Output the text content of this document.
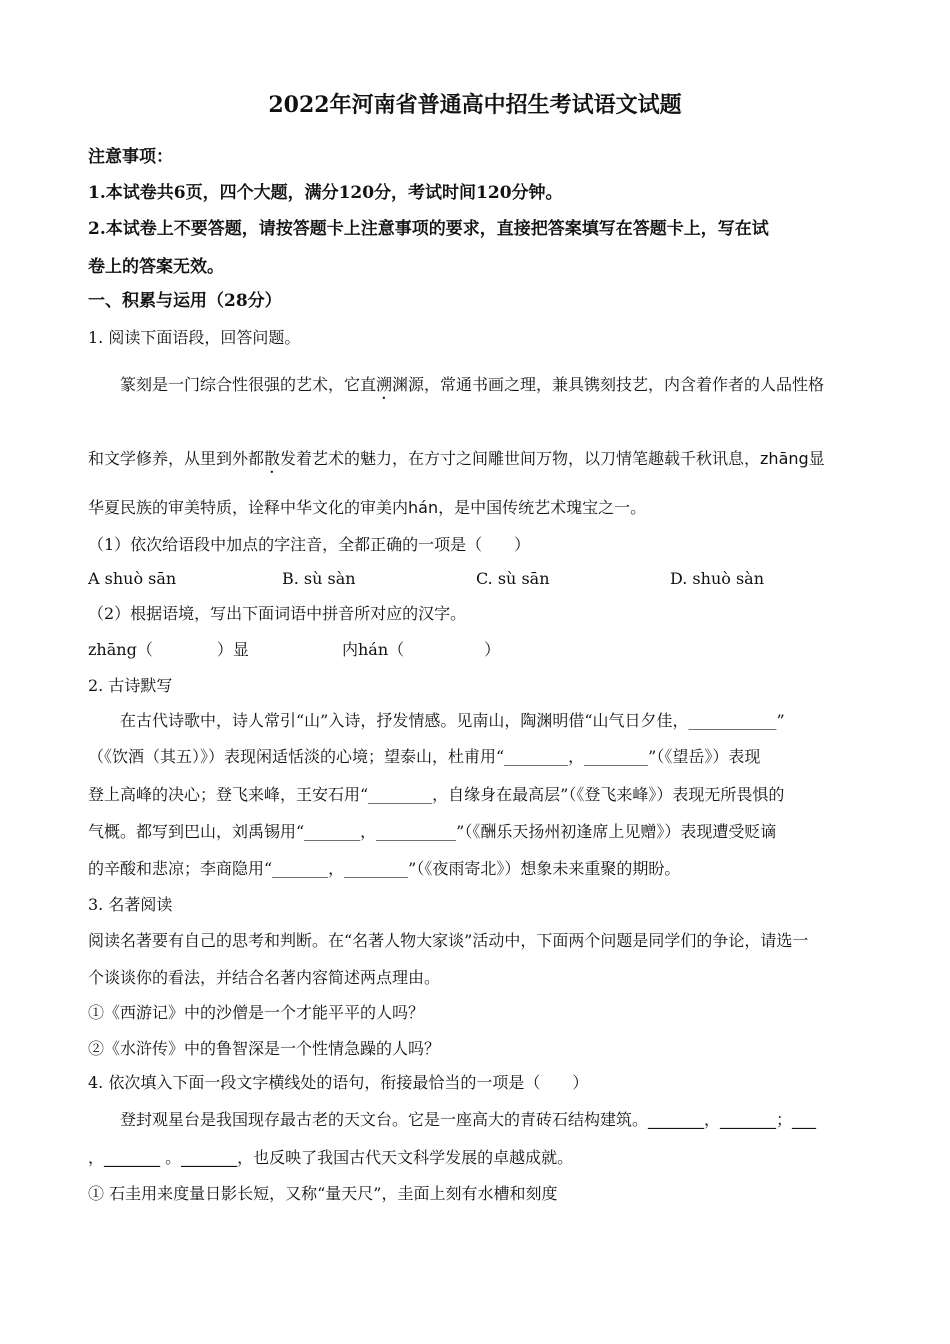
2022年河南省普通高中招生考试语文试题
注意事项：
1.本试卷共6页，四个大题，满分120分，考试时间120分钟。
2.本试卷上不要答题，请按答题卡上注意事项的要求，直接把答案填写在答题卡上，写在试
卷上的答案无效。
一、积累与运用（28分）
1. 阅读下面语段，回答问题。
篆刻是一门综合性很强的艺术，它直溯渊源，常通书画之理，兼具镌刻技艺，内含着作者的人品性格
和文学修养，从里到外都散发着艺术的魅力，在方寸之间雕世间万物，以刀情笔趣载千秋讯息，zhāng显
华夏民族的审美特质，诠释中华文化的审美内hán，是中国传统艺术瑰宝之一。
（1）依次给语段中加点的字注音，全都正确的一项是（　　）
A shuò sān	B. sù sàn	C. sù sān	D. shuò sàn
（2）根据语境，写出下面词语中拼音所对应的汉字。
zhāng（　　　　）显	内hán（　　　　　）
2. 古诗默写
在古代诗歌中，诗人常引“山”入诗，抒发情感。见南山，陶渊明借“山气日夕佳，___________”
（《饮酒（其五）》）表现闲适恬淡的心境；望泰山，杜甫用“________，________”（《望岳》）表现
登上高峰的决心；登飞来峰，王安石用“________，自缘身在最高层”（《登飞来峰》）表现无所畏惧的
气概。都写到巴山，刘禹锡用“_______，__________”（《酬乐天扬州初逢席上见赠》）表现遭受贬谪
的辛酸和悲凉；李商隐用“_______，________”（《夜雨寄北》）想象未来重聚的期盼。
3. 名著阅读
阅读名著要有自己的思考和判断。在“名著人物大家谈”活动中，下面两个问题是同学们的争论，请选一
个谈谈你的看法，并结合名著内容简述两点理由。
①《西游记》中的沙僧是一个才能平平的人吗？
②《水浒传》中的鲁智深是一个性情急躁的人吗？
4. 依次填入下面一段文字横线处的语句，衔接最恰当的一项是（　　）
登封观星台是我国现存最古老的天文台。它是一座高大的青砖石结构建筑。_______，_______；___
，_______ 。_______，也反映了我国古代天文科学发展的卓越成就。
① 石圭用来度量日影长短，又称“量天尺”，圭面上刻有水槽和刻度
